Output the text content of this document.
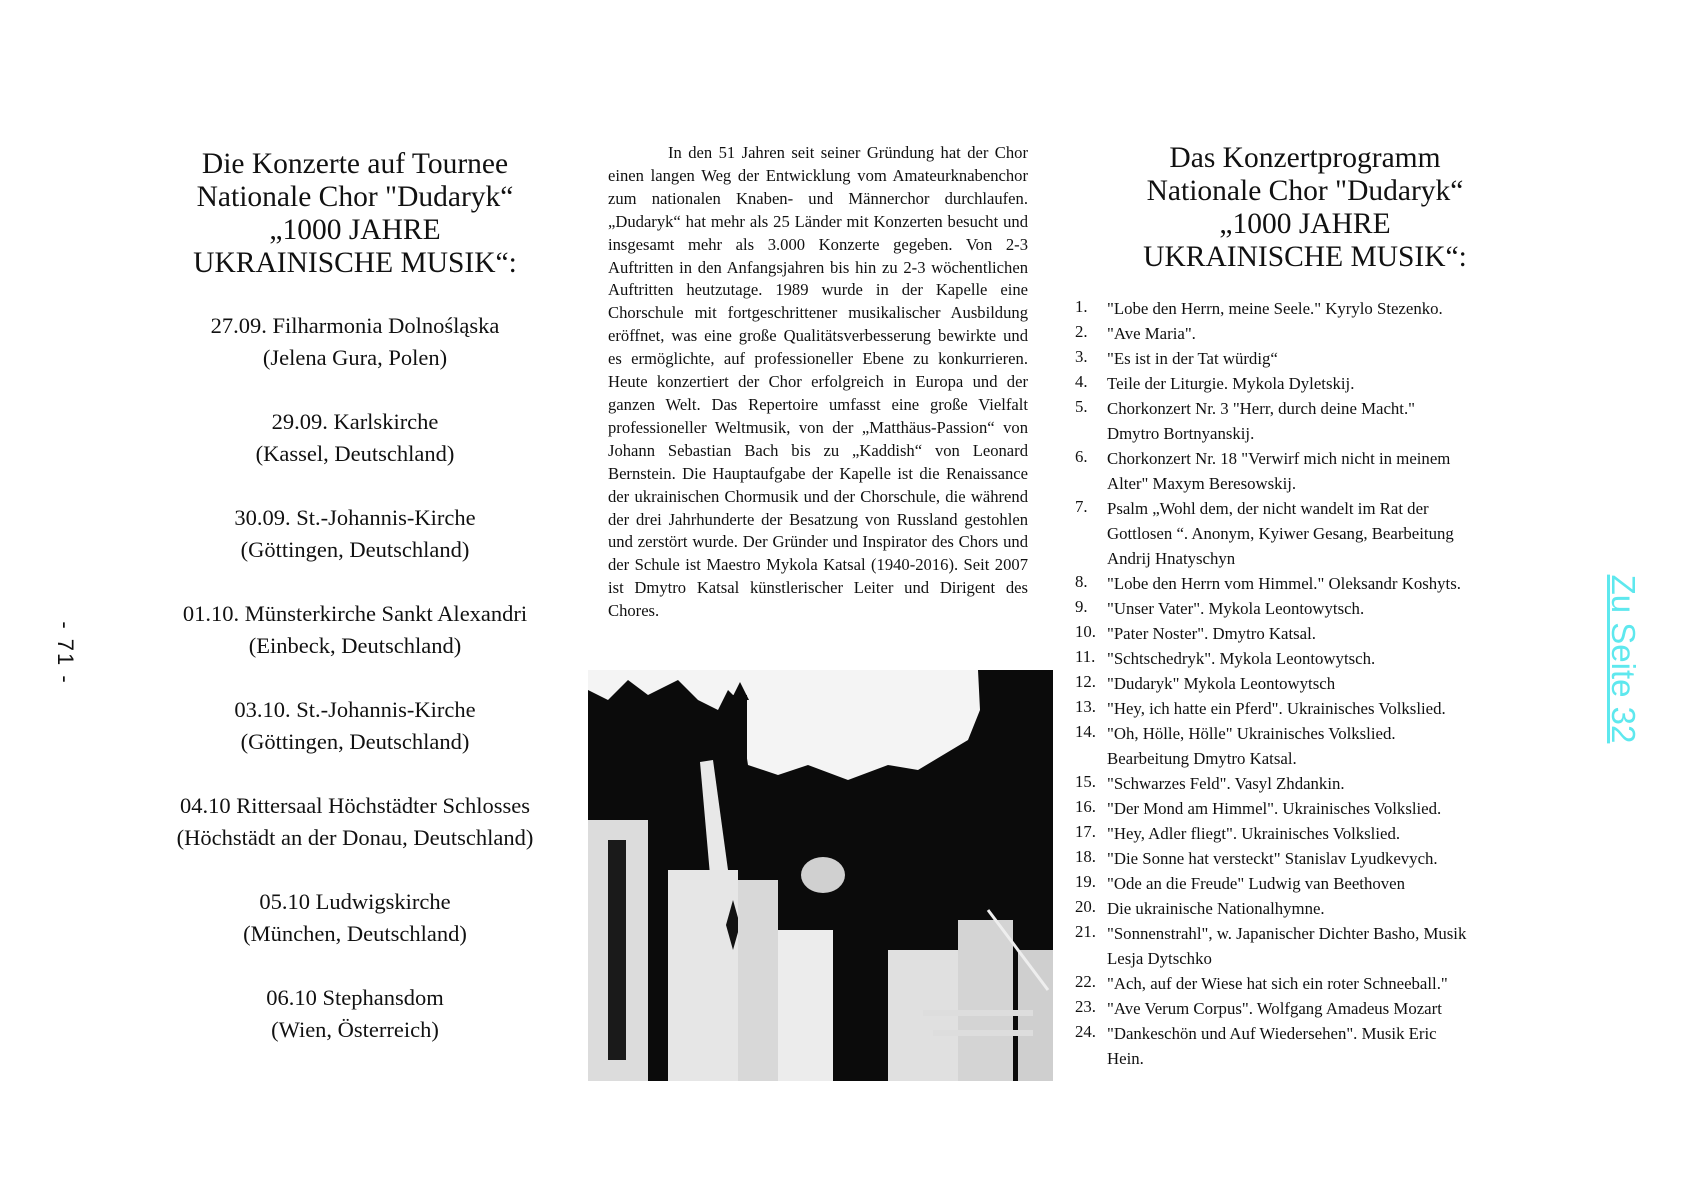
- 71 -
Die Konzerte auf Tournee
Nationale Chor "Dudaryk“
„1000 JAHRE
UKRAINISCHE MUSIK“:
27.09. Filharmonia Dolnośląska
(Jelena Gura, Polen)
29.09. Karlskirche
(Kassel, Deutschland)
30.09. St.-Johannis-Kirche
(Göttingen, Deutschland)
01.10. Münsterkirche Sankt Alexandri
(Einbeck, Deutschland)
03.10. St.-Johannis-Kirche
(Göttingen, Deutschland)
04.10 Rittersaal Höchstädter Schlosses
(Höchstädt an der Donau, Deutschland)
05.10 Ludwigskirche
(München, Deutschland)
06.10 Stephansdom
(Wien, Österreich)

In den 51 Jahren seit seiner Gründung hat der Chor einen langen Weg der Entwicklung vom Amateurknabenchor zum nationalen Knaben- und Männerchor durchlaufen. „Dudaryk“ hat mehr als 25 Länder mit Konzerten besucht und insgesamt mehr als 3.000 Konzerte gegeben. Von 2-3 Auftritten in den Anfangsjahren bis hin zu 2-3 wöchentlichen Auftritten heutzutage. 1989 wurde in der Kapelle eine Chorschule mit fortgeschrittener musikalischer Ausbildung eröffnet, was eine große Qualitätsverbesserung bewirkte und es ermöglichte, auf professioneller Ebene zu konkurrieren. Heute konzertiert der Chor erfolgreich in Europa und der ganzen Welt. Das Repertoire umfasst eine große Vielfalt professioneller Weltmusik, von der „Matthäus-Passion“ von Johann Sebastian Bach bis zu „Kaddish“ von Leonard Bernstein. Die Hauptaufgabe der Kapelle ist die Renaissance der ukrainischen Chormusik und der Chorschule, die während der drei Jahrhunderte der Besatzung von Russland gestohlen und zerstört wurde. Der Gründer und Inspirator des Chors und der Schule ist Maestro Mykola Katsal (1940-2016). Seit 2007 ist Dmytro Katsal künstlerischer Leiter und Dirigent des Chores.

Das Konzertprogramm
Nationale Chor "Dudaryk“
„1000 JAHRE
UKRAINISCHE MUSIK“:
1.	"Lobe den Herrn, meine Seele." Kyrylo Stezenko.
2.	"Ave Maria".
3.	"Es ist in der Tat würdig“
4.	Teile der Liturgie. Mykola Dyletskij.
5.	Chorkonzert Nr. 3 "Herr, durch deine Macht."
Dmytro Bortnyanskij.
6.	Chorkonzert Nr. 18 "Verwirf mich nicht in meinem
Alter" Maxym Beresowskij.
7.	Psalm „Wohl dem, der nicht wandelt im Rat der
Gottlosen “. Anonym, Kyiwer Gesang, Bearbeitung
Andrij Hnatyschyn
8.	"Lobe den Herrn vom Himmel." Oleksandr Koshyts.
9.	"Unser Vater". Mykola Leontowytsch.
10. "Pater Noster". Dmytro Katsal.
11. "Schtschedryk". Mykola Leontowytsch.
12. "Dudaryk" Mykola Leontowytsch
13. "Hey, ich hatte ein Pferd". Ukrainisches Volkslied.
14. "Oh, Hölle, Hölle" Ukrainisches Volkslied.
Bearbeitung Dmytro Katsal.
15. "Schwarzes Feld". Vasyl Zhdankin.
16. "Der Mond am Himmel". Ukrainisches Volkslied.
17. "Hey, Adler fliegt". Ukrainisches Volkslied.
18. "Die Sonne hat versteckt" Stanislav Lyudkevych.
19. "Ode an die Freude" Ludwig van Beethoven
20. Die ukrainische Nationalhymne.
21. "Sonnenstrahl", w. Japanischer Dichter Basho, Musik
Lesja Dytschko
22. "Ach, auf der Wiese hat sich ein roter Schneeball."
23. "Ave Verum Corpus". Wolfgang Amadeus Mozart
24. "Dankeschön und Auf Wiedersehen". Musik Eric
Hein.
Zu Seite 32
